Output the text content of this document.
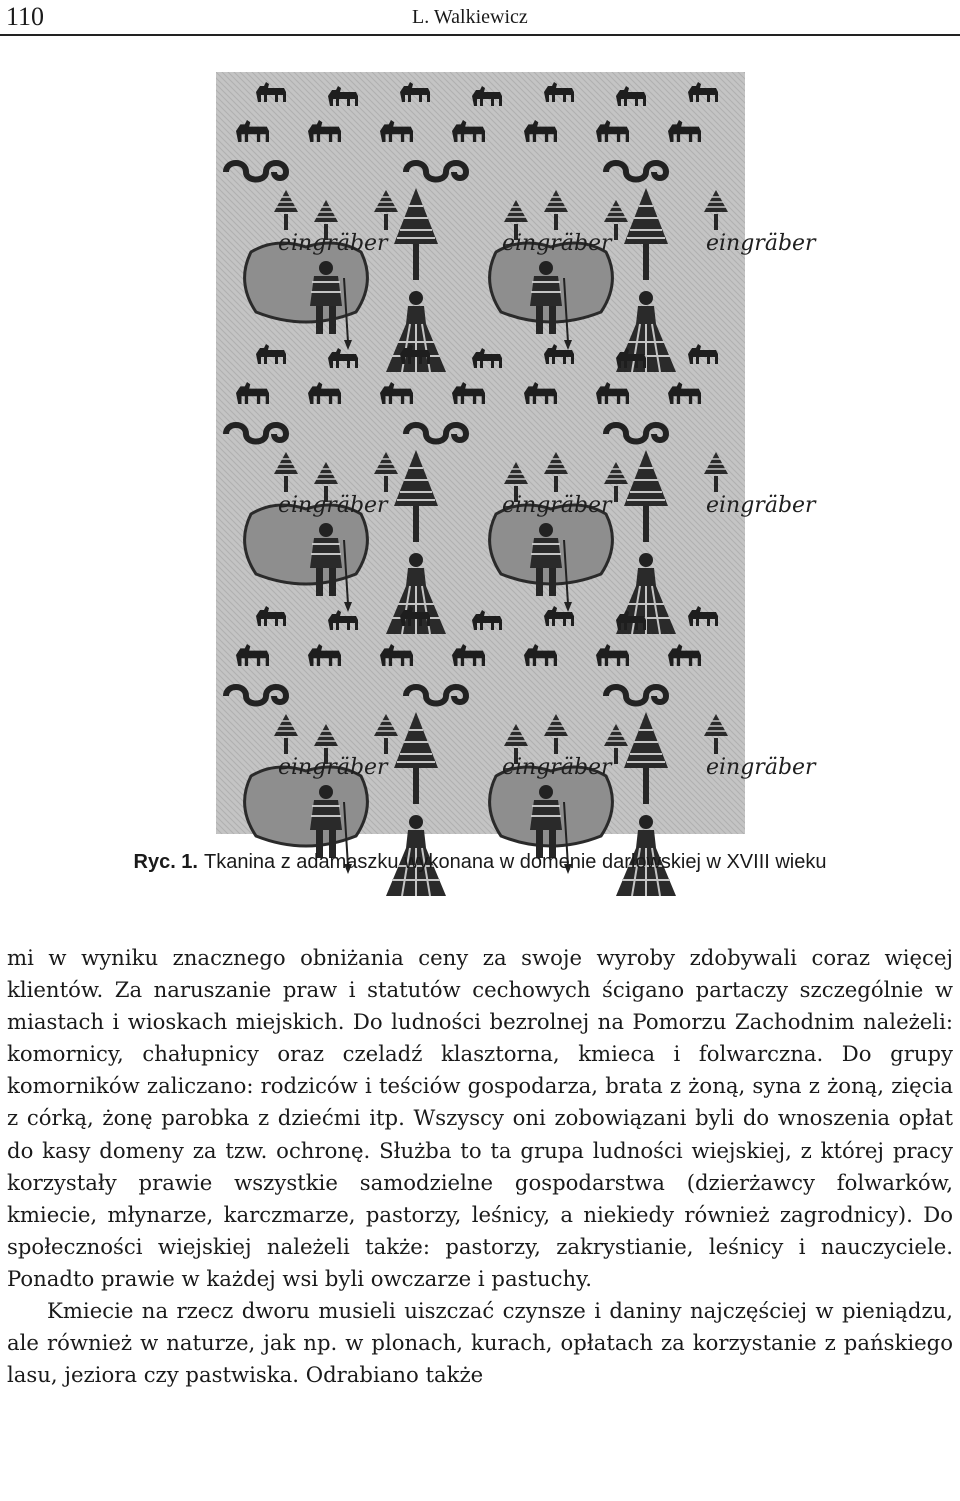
110	L. Walkiewicz
eingräber	eingräber	eingräber
eingräber	eingräber	eingräber
eingräber	eingräber	eingräber
Ryc. 1. Tkanina z adamaszku wykonana w domenie darłowskiej w XVIII wieku

mi w wyniku znacznego obniżania ceny za swoje wyroby zdobywali coraz więcej klientów. Za naruszanie praw i statutów cechowych ścigano partaczy szczególnie w miastach i wioskach miejskich. Do ludności bezrolnej na Pomorzu Zachodnim należeli: komornicy, chałupnicy oraz czeladź klasztorna, kmieca i folwarczna. Do grupy komorników zaliczano: rodziców i teściów gospodarza, brata z żoną, syna z żoną, zięcia z córką, żonę parobka z dziećmi itp. Wszyscy oni zobowiązani byli do wnoszenia opłat do kasy domeny za tzw. ochronę. Służba to ta grupa ludności wiejskiej, z której pracy korzystały prawie wszystkie samodzielne gospodarstwa (dzierżawcy folwarków, kmiecie, młynarze, karczmarze, pastorzy, leśnicy, a niekiedy również zagrodnicy). Do społeczności wiejskiej należeli także: pastorzy, zakrystianie, leśnicy i nauczyciele. Ponadto prawie w każdej wsi byli owczarze i pastuchy.

Kmiecie na rzecz dworu musieli uiszczać czynsze i daniny najczęściej w pieniądzu, ale również w naturze, jak np. w plonach, kurach, opłatach za korzystanie z pańskiego lasu, jeziora czy pastwiska. Odrabiano także
